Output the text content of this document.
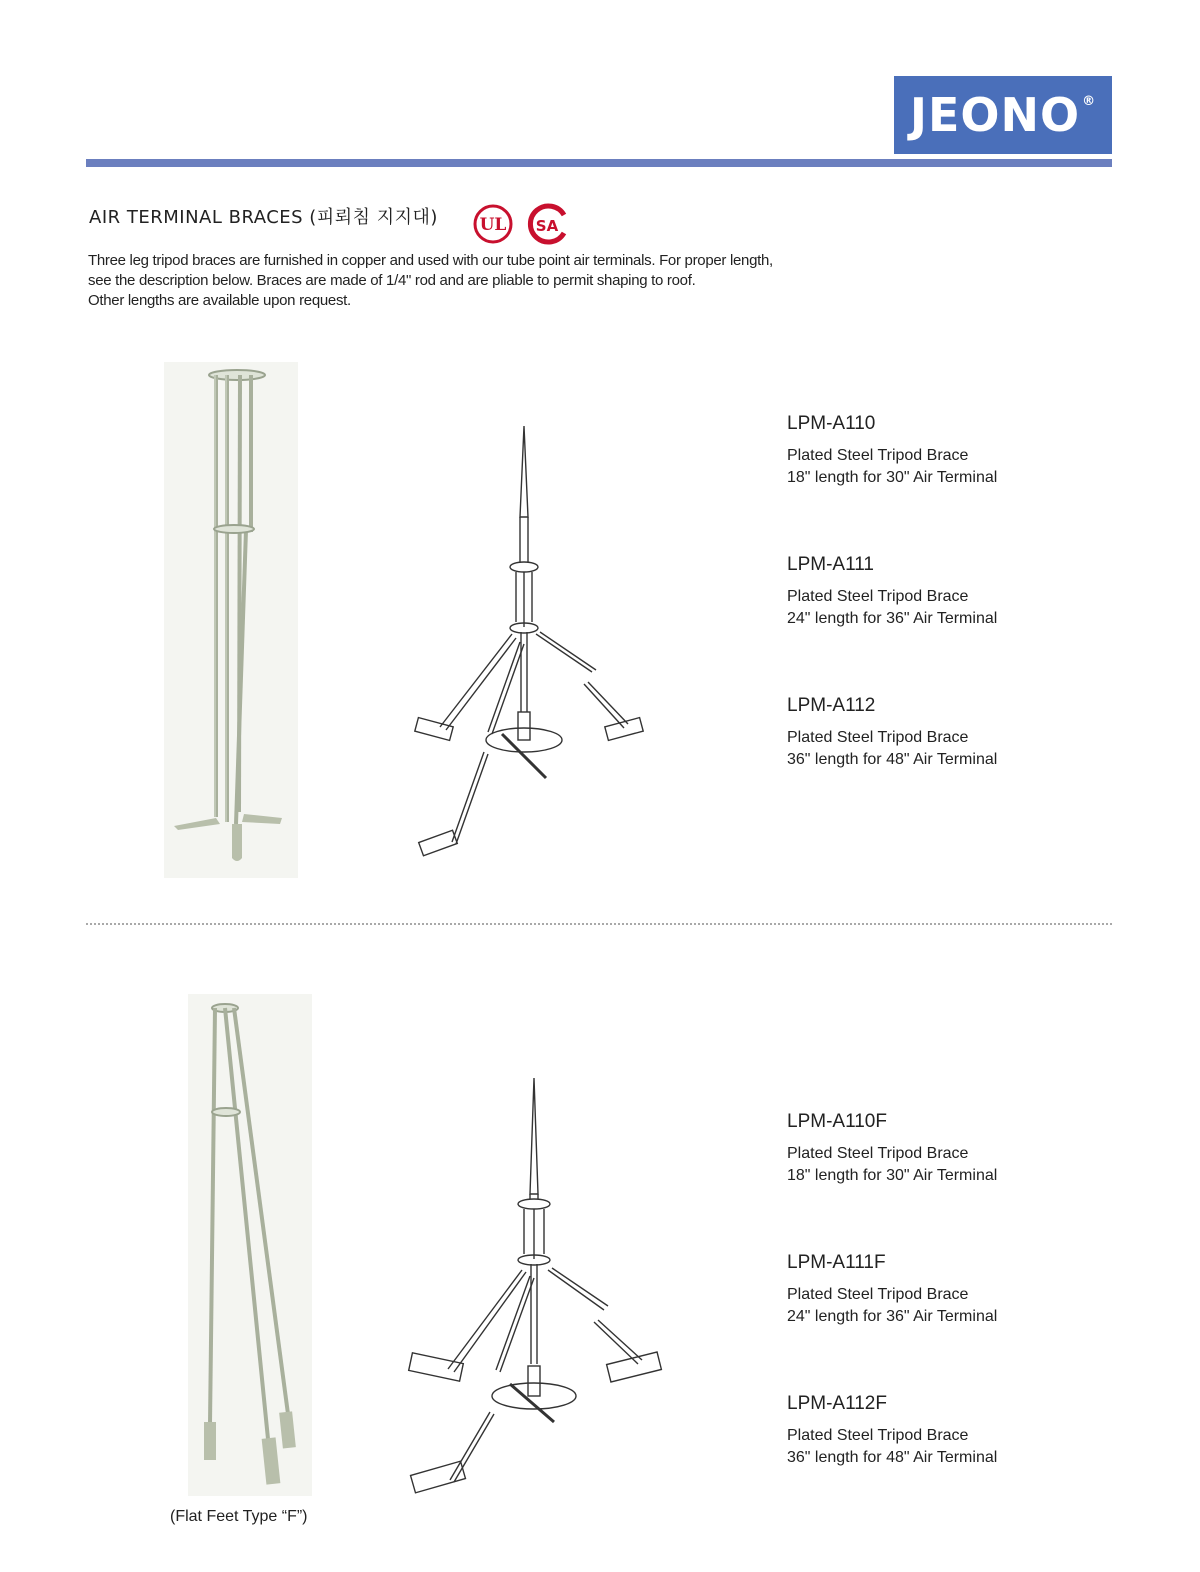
JEONO®
AIR TERMINAL BRACES (피뢰침 지지대) UL SA
Three leg tripod braces are furnished in copper and used with our tube point air terminals. For proper length,
see the description below. Braces are made of 1/4" rod and are pliable to permit shaping to roof.
Other lengths are available upon request.
LPM-A110
Plated Steel Tripod Brace
18" length for 30" Air Terminal
LPM-A111
Plated Steel Tripod Brace
24" length for 36" Air Terminal
LPM-A112
Plated Steel Tripod Brace
36" length for 48" Air Terminal
LPM-A110F
Plated Steel Tripod Brace
18" length for 30" Air Terminal
LPM-A111F
Plated Steel Tripod Brace
24" length for 36" Air Terminal
LPM-A112F
Plated Steel Tripod Brace
36" length for 48" Air Terminal
(Flat Feet Type “F”)
